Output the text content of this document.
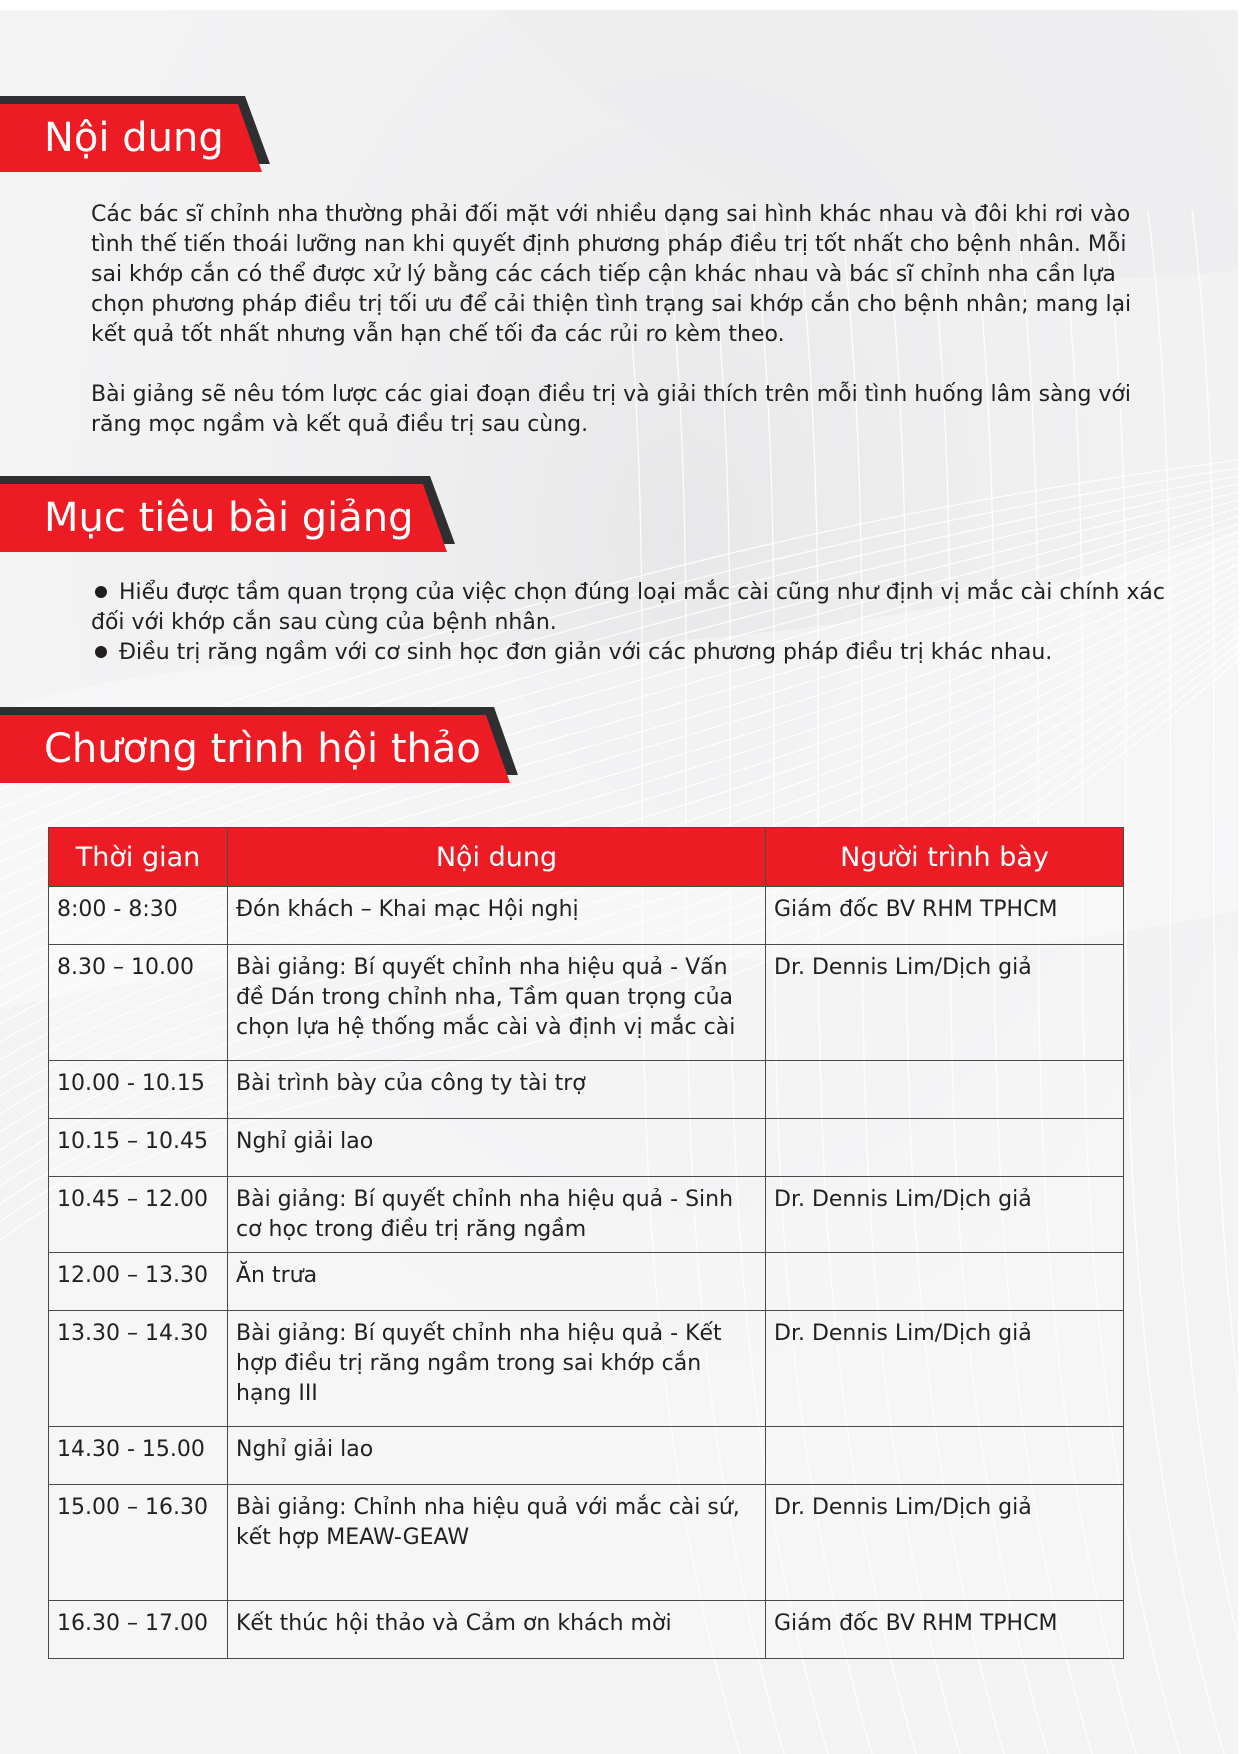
Nội dung
Các bác sĩ chỉnh nha thường phải đối mặt với nhiều dạng sai hình khác nhau và đôi khi rơi vào tình thế tiến thoái lưỡng nan khi quyết định phương pháp điều trị tốt nhất cho bệnh nhân. Mỗi sai khớp cắn có thể được xử lý bằng các cách tiếp cận khác nhau và bác sĩ chỉnh nha cần lựa chọn phương pháp điều trị tối ưu để cải thiện tình trạng sai khớp cắn cho bệnh nhân; mang lại kết quả tốt nhất nhưng vẫn hạn chế tối đa các rủi ro kèm theo.
Bài giảng sẽ nêu tóm lược các giai đoạn điều trị và giải thích trên mỗi tình huống lâm sàng với răng mọc ngầm và kết quả điều trị sau cùng.
Mục tiêu bài giảng
Hiểu được tầm quan trọng của việc chọn đúng loại mắc cài cũng như định vị mắc cài chính xác đối với khớp cắn sau cùng của bệnh nhân.
Điều trị răng ngầm với cơ sinh học đơn giản với các phương pháp điều trị khác nhau.
Chương trình hội thảo
Thời gian	Nội dung	Người trình bày
8:00 - 8:30	Đón khách – Khai mạc Hội nghị	Giám đốc BV RHM TPHCM
8.30 – 10.00	Bài giảng: Bí quyết chỉnh nha hiệu quả - Vấn đề Dán trong chỉnh nha, Tầm quan trọng của chọn lựa hệ thống mắc cài và định vị mắc cài	Dr. Dennis Lim/Dịch giả
10.00 - 10.15	Bài trình bày của công ty tài trợ	
10.15 – 10.45	Nghỉ giải lao	
10.45 – 12.00	Bài giảng: Bí quyết chỉnh nha hiệu quả - Sinh cơ học trong điều trị răng ngầm	Dr. Dennis Lim/Dịch giả
12.00 – 13.30	Ăn trưa	
13.30 – 14.30	Bài giảng: Bí quyết chỉnh nha hiệu quả - Kết hợp điều trị răng ngầm trong sai khớp cắn hạng III	Dr. Dennis Lim/Dịch giả
14.30 - 15.00	Nghỉ giải lao	
15.00 – 16.30	Bài giảng: Chỉnh nha hiệu quả với mắc cài sứ, kết hợp MEAW-GEAW	Dr. Dennis Lim/Dịch giả
16.30 – 17.00	Kết thúc hội thảo và Cảm ơn khách mời	Giám đốc BV RHM TPHCM
